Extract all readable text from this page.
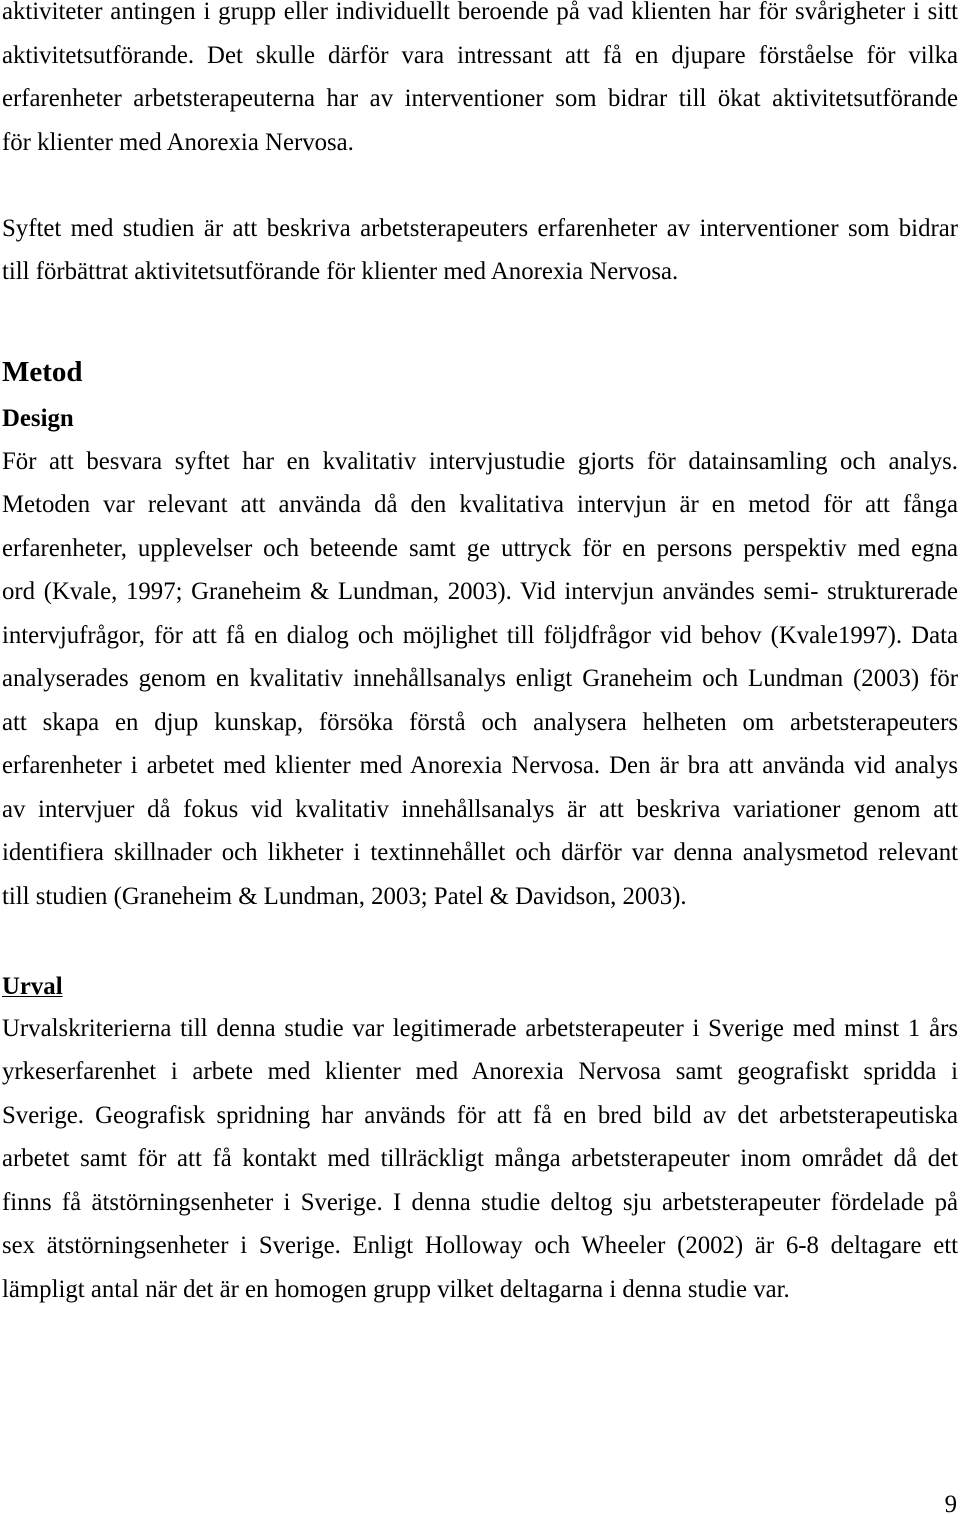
aktiviteter antingen i grupp eller individuellt beroende på vad klienten har för svårigheter i sitt
aktivitetsutförande. Det skulle därför vara intressant att få en djupare förståelse för vilka
erfarenheter arbetsterapeuterna har av interventioner som bidrar till ökat aktivitetsutförande
för klienter med Anorexia Nervosa.
Syftet med studien är att beskriva arbetsterapeuters erfarenheter av interventioner som bidrar
till förbättrat aktivitetsutförande för klienter med Anorexia Nervosa.
Metod
Design
För att besvara syftet har en kvalitativ intervjustudie gjorts för datainsamling och analys.
Metoden var relevant att använda då den kvalitativa intervjun är en metod för att fånga
erfarenheter, upplevelser och beteende samt ge uttryck för en persons perspektiv med egna
ord (Kvale, 1997; Graneheim & Lundman, 2003). Vid intervjun användes semi- strukturerade
intervjufrågor, för att få en dialog och möjlighet till följdfrågor vid behov (Kvale1997). Data
analyserades genom en kvalitativ innehållsanalys enligt Graneheim och Lundman (2003) för
att skapa en djup kunskap, försöka förstå och analysera helheten om arbetsterapeuters
erfarenheter i arbetet med klienter med Anorexia Nervosa. Den är bra att använda vid analys
av intervjuer då fokus vid kvalitativ innehållsanalys är att beskriva variationer genom att
identifiera skillnader och likheter i textinnehållet och därför var denna analysmetod relevant
till studien (Graneheim & Lundman, 2003; Patel & Davidson, 2003).
Urval
Urvalskriterierna till denna studie var legitimerade arbetsterapeuter i Sverige med minst 1 års
yrkeserfarenhet i arbete med klienter med Anorexia Nervosa samt geografiskt spridda i
Sverige. Geografisk spridning har används för att få en bred bild av det arbetsterapeutiska
arbetet samt för att få kontakt med tillräckligt många arbetsterapeuter inom området då det
finns få ätstörningsenheter i Sverige. I denna studie deltog sju arbetsterapeuter fördelade på
sex ätstörningsenheter i Sverige. Enligt Holloway och Wheeler (2002) är 6-8 deltagare ett
lämpligt antal när det är en homogen grupp vilket deltagarna i denna studie var.
9
